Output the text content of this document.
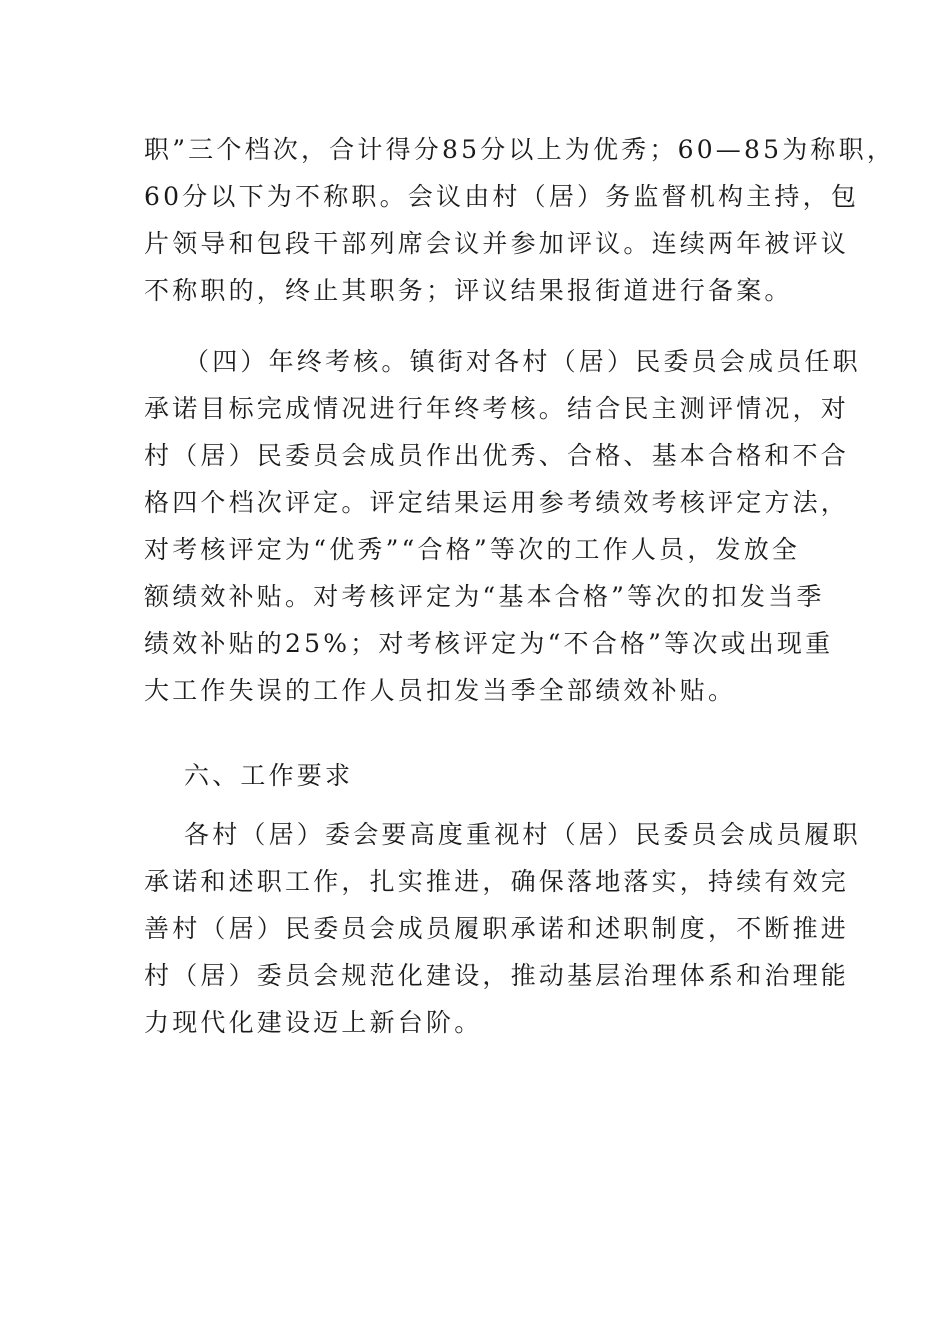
职”三个档次，合计得分85分以上为优秀；60—85为称职，
60分以下为不称职。会议由村（居）务监督机构主持，包
片领导和包段干部列席会议并参加评议。连续两年被评议
不称职的，终止其职务；评议结果报街道进行备案。
（四）年终考核。镇街对各村（居）民委员会成员任职
承诺目标完成情况进行年终考核。结合民主测评情况，对
村（居）民委员会成员作出优秀、合格、基本合格和不合
格四个档次评定。评定结果运用参考绩效考核评定方法，
对考核评定为“优秀”“合格”等次的工作人员，发放全
额绩效补贴。对考核评定为“基本合格”等次的扣发当季
绩效补贴的25%；对考核评定为“不合格”等次或出现重
大工作失误的工作人员扣发当季全部绩效补贴。
六、工作要求
各村（居）委会要高度重视村（居）民委员会成员履职
承诺和述职工作，扎实推进，确保落地落实，持续有效完
善村（居）民委员会成员履职承诺和述职制度，不断推进
村（居）委员会规范化建设，推动基层治理体系和治理能
力现代化建设迈上新台阶。
